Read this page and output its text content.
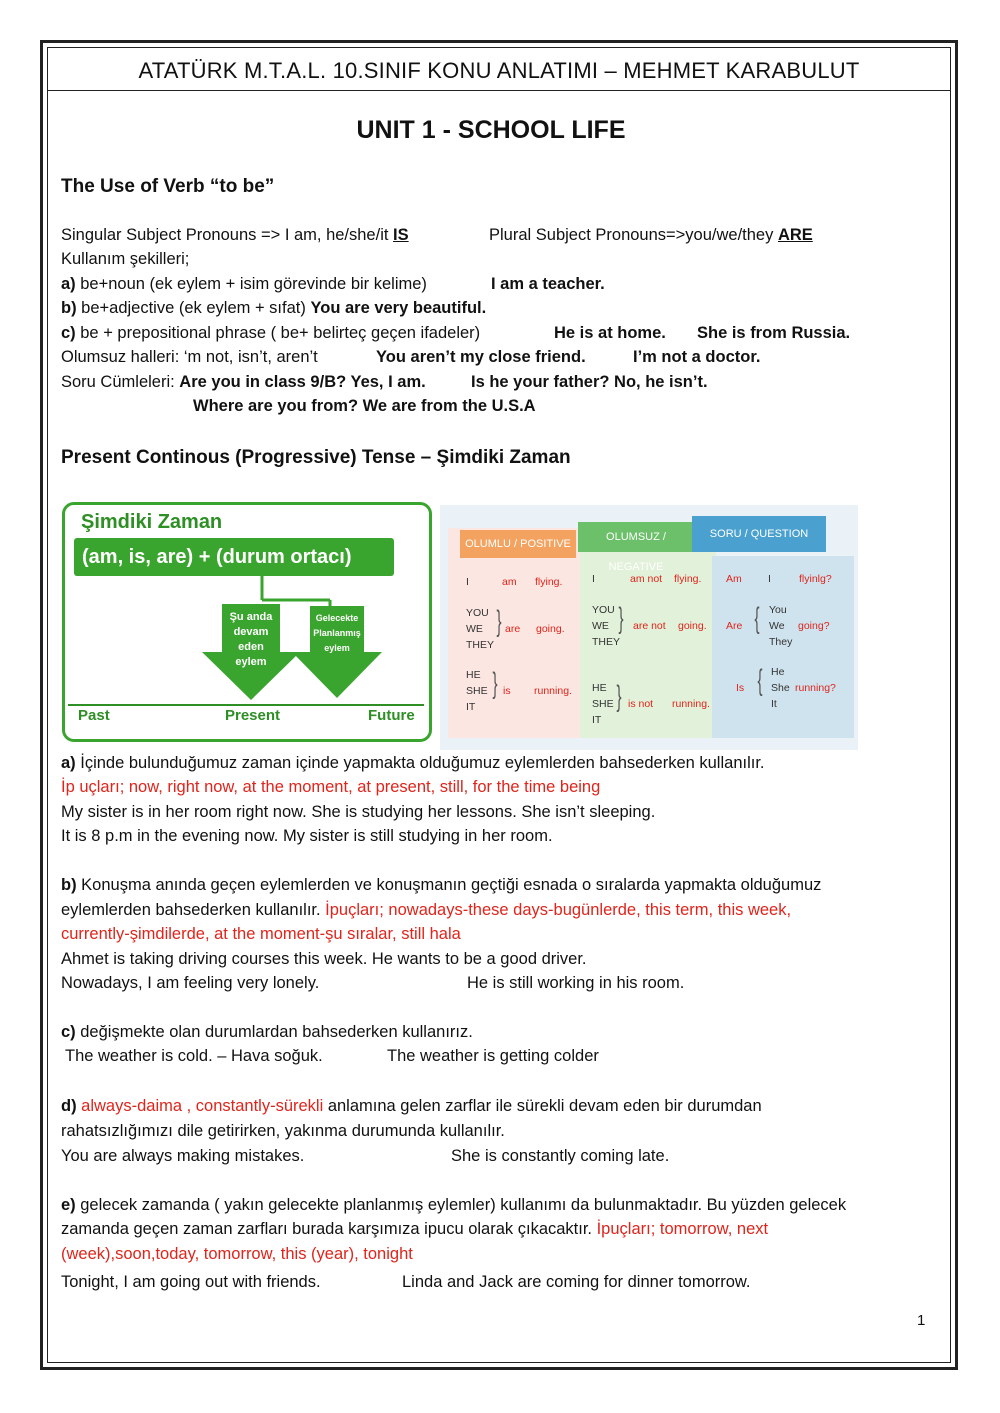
ATATÜRK M.T.A.L. 10.SINIF KONU ANLATIMI – MEHMET KARABULUT
UNIT 1 - SCHOOL LIFE
The Use of Verb “to be”
Singular Subject Pronouns => I am, he/she/it IS	Plural Subject Pronouns=>you/we/they ARE
Kullanım şekilleri;
a) be+noun (ek eylem + isim görevinde bir kelime)	I am a teacher.
b) be+adjective (ek eylem + sıfat) You are very beautiful.
c) be + prepositional phrase ( be+ belirteç geçen ifadeler)	He is at home. She is from Russia.
Olumsuz halleri: ‘m not, isn’t, aren’t	You aren’t my close friend.	I’m not a doctor.
Soru Cümleleri: Are you in class 9/B? Yes, I am.	Is he your father? No, he isn’t.
Where are you from? We are from the U.S.A
Present Continous (Progressive) Tense – Şimdiki Zaman
Şimdiki Zaman
(am, is, are) + (durum ortacı)
Şu anda
devam
eden
eylem
Gelecekte
Planlanmış
eylem
Past	Present	Future
OLUMLU / POSITIVE
OLUMSUZ / NEGATIVE
SORU / QUESTION
I	am flying.
YOU
WE
THEY
} are going.
HE
SHE
IT
} is running.
I	am not flying.
YOU
WE
THEY
} are not going.
HE
SHE
IT
} is not running.
Am	I	flyinlg?
Are { You
We
They
going?
Is { He
She
It
running?
a) İçinde bulunduğumuz zaman içinde yapmakta olduğumuz eylemlerden bahsederken kullanılır.
İp uçları; now, right now, at the moment, at present, still, for the time being
My sister is in her room right now. She is studying her lessons. She isn’t sleeping.
It is 8 p.m in the evening now. My sister is still studying in her room.
b) Konuşma anında geçen eylemlerden ve konuşmanın geçtiği esnada o sıralarda yapmakta olduğumuz
eylemlerden bahsederken kullanılır. İpuçları; nowadays-these days-bugünlerde, this term, this week,
currently-şimdilerde, at the moment-şu sıralar, still hala
Ahmet is taking driving courses this week. He wants to be a good driver.
Nowadays, I am feeling very lonely.	He is still working in his room.
c) değişmekte olan durumlardan bahsederken kullanırız.
The weather is cold. – Hava soğuk.	The weather is getting colder
d) always-daima , constantly-sürekli anlamına gelen zarflar ile sürekli devam eden bir durumdan
rahatsızlığımızı dile getirirken, yakınma durumunda kullanılır.
You are always making mistakes.	She is constantly coming late.
e) gelecek zamanda ( yakın gelecekte planlanmış eylemler) kullanımı da bulunmaktadır. Bu yüzden gelecek
zamanda geçen zaman zarfları burada karşımıza ipucu olarak çıkacaktır. İpuçları; tomorrow, next
(week),soon,today, tomorrow, this (year), tonight
Tonight, I am going out with friends.	Linda and Jack are coming for dinner tomorrow.
1
